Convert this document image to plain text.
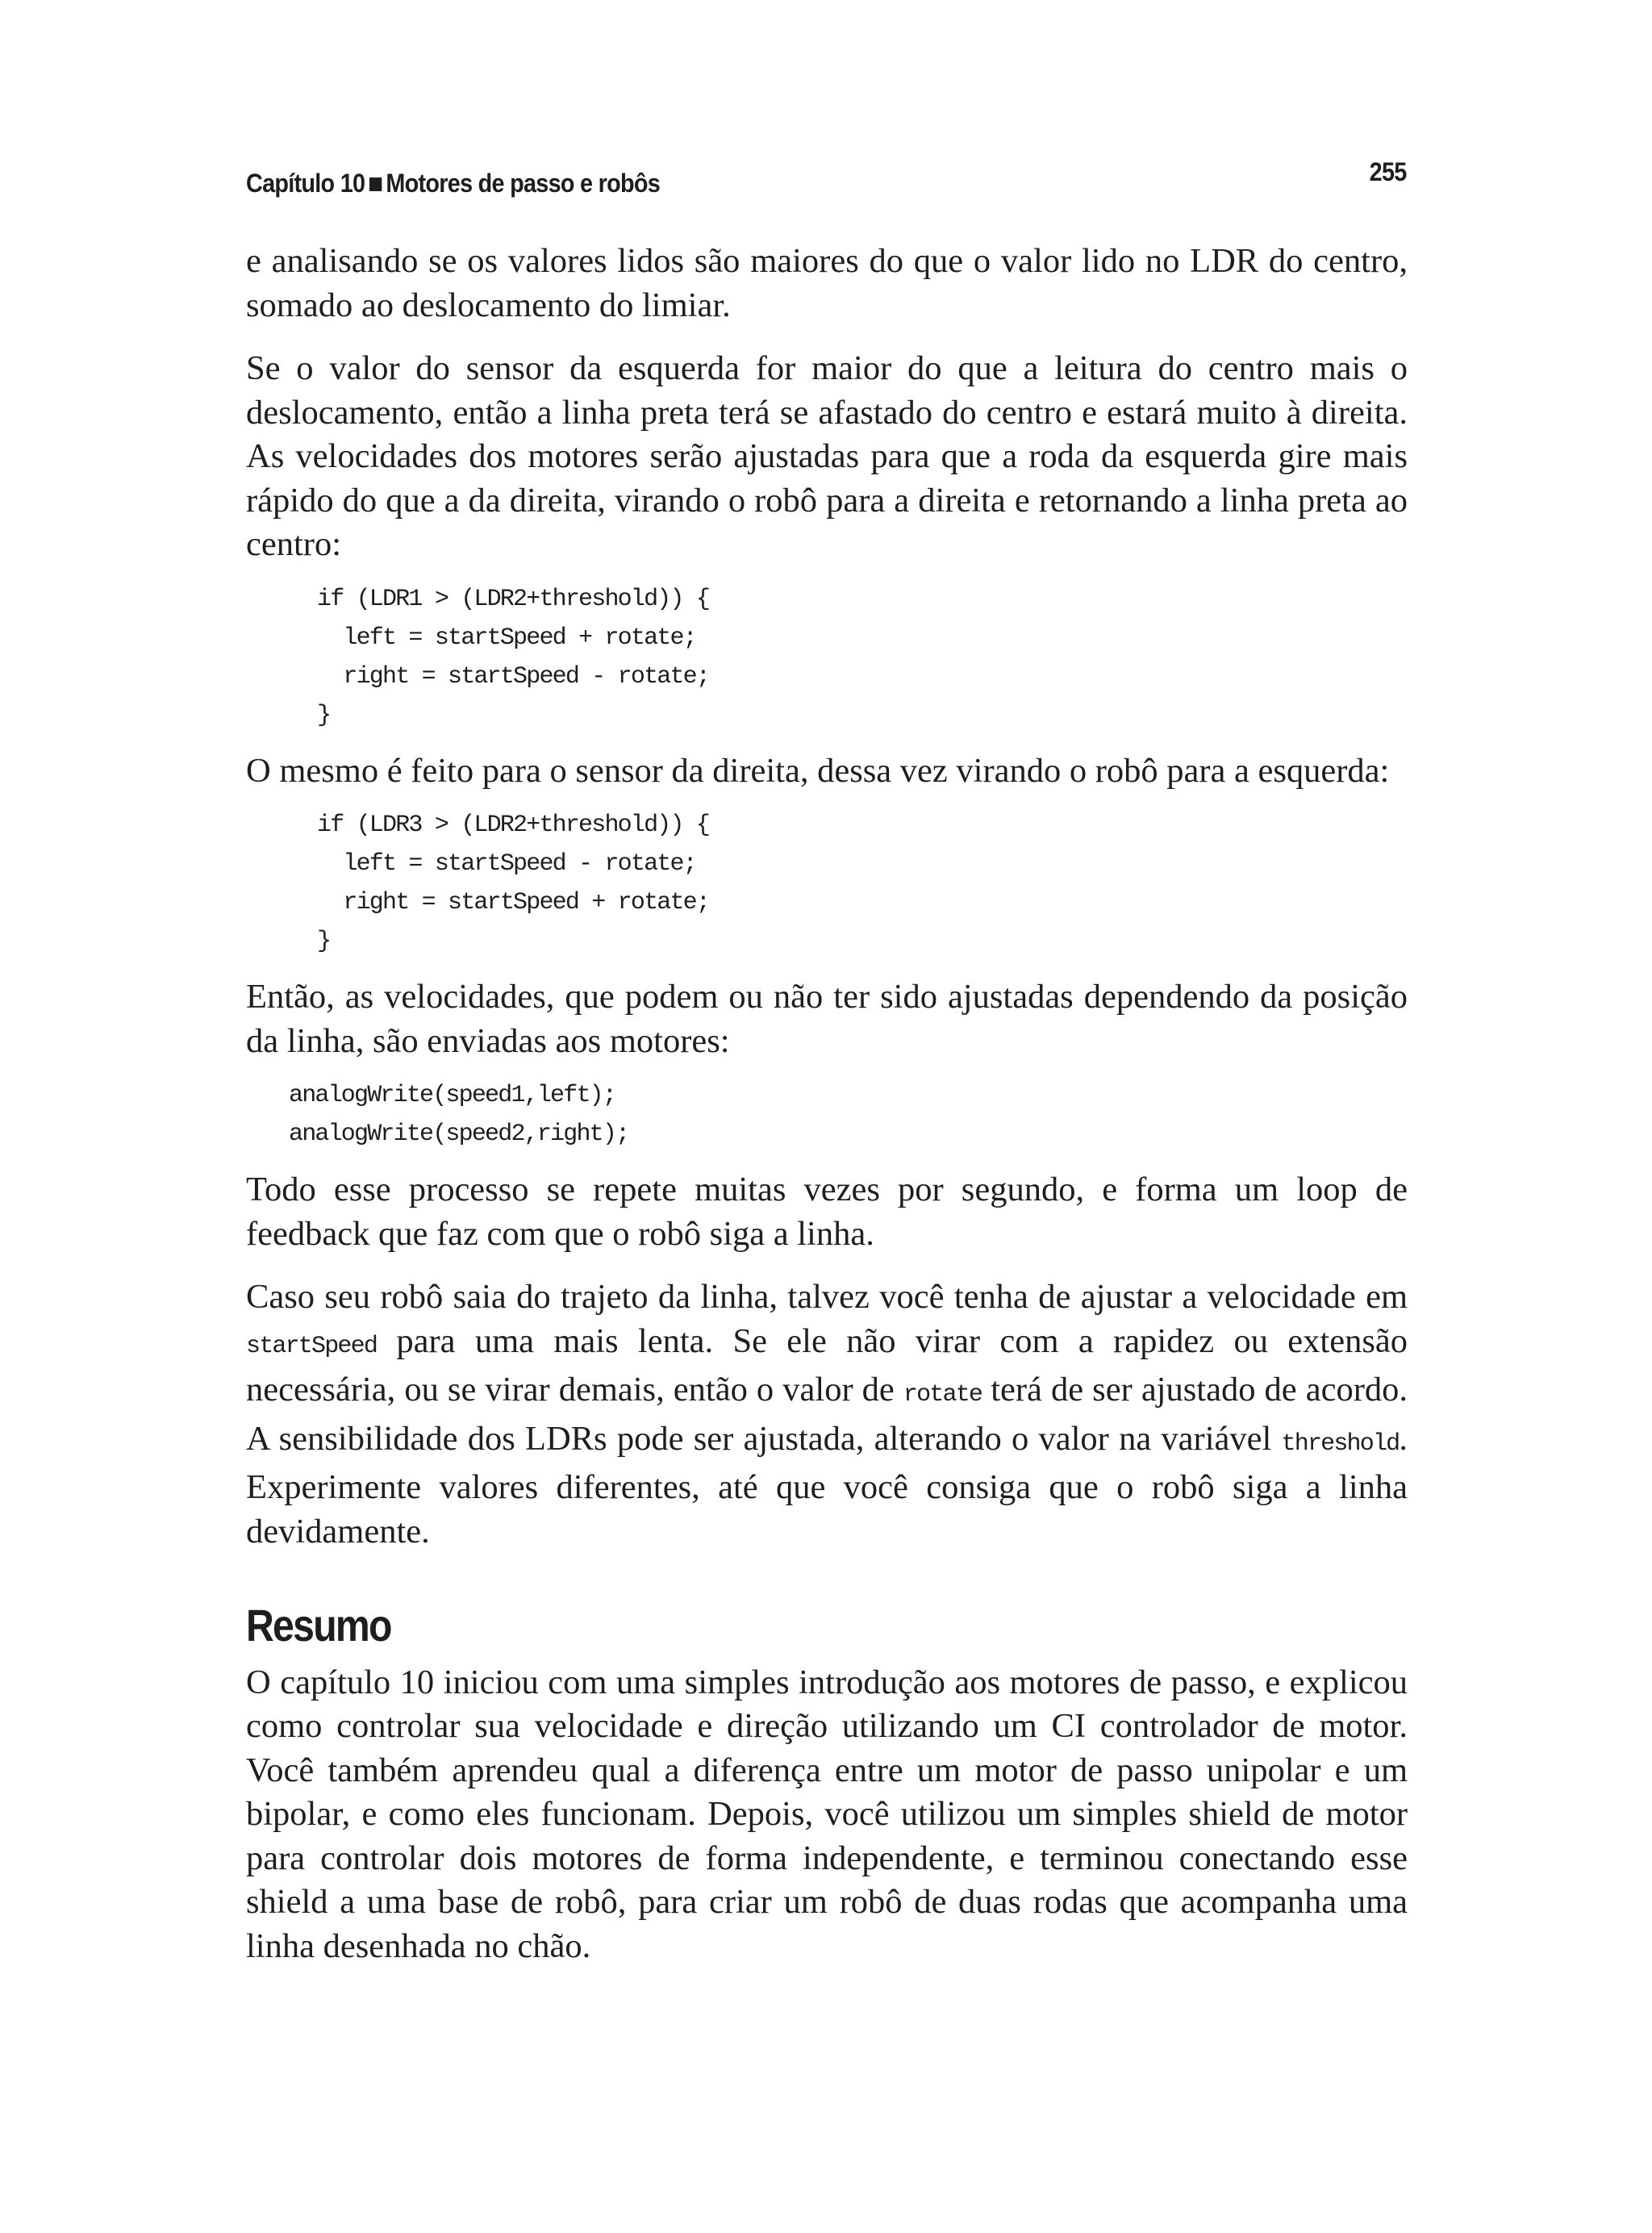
Capítulo 10 Motores de passo e robôs	255

e analisando se os valores lidos são maiores do que o valor lido no LDR do centro, somado ao deslocamento do limiar.

Se o valor do sensor da esquerda for maior do que a leitura do centro mais o deslocamento, então a linha preta terá se afastado do centro e estará muito à direita. As velocidades dos motores serão ajustadas para que a roda da esquerda gire mais rápido do que a da direita, virando o robô para a direita e retornando a linha preta ao centro:

if (LDR1 > (LDR2+threshold)) {
left = startSpeed + rotate;
right = startSpeed - rotate;
}

O mesmo é feito para o sensor da direita, dessa vez virando o robô para a esquerda:

if (LDR3 > (LDR2+threshold)) {
left = startSpeed - rotate;
right = startSpeed + rotate;
}

Então, as velocidades, que podem ou não ter sido ajustadas dependendo da posição da linha, são enviadas aos motores:

analogWrite(speed1,left);
analogWrite(speed2,right);

Todo esse processo se repete muitas vezes por segundo, e forma um loop de feedback que faz com que o robô siga a linha.

Caso seu robô saia do trajeto da linha, talvez você tenha de ajustar a velocidade em startSpeed para uma mais lenta. Se ele não virar com a rapidez ou extensão necessária, ou se virar demais, então o valor de rotate terá de ser ajustado de acordo. A sensibilidade dos LDRs pode ser ajustada, alterando o valor na variável threshold. Experimente valores diferentes, até que você consiga que o robô siga a linha devidamente.

Resumo

O capítulo 10 iniciou com uma simples introdução aos motores de passo, e explicou como controlar sua velocidade e direção utilizando um CI controlador de motor. Você também aprendeu qual a diferença entre um motor de passo unipolar e um bipolar, e como eles funcionam. Depois, você utilizou um simples shield de motor para controlar dois motores de forma independente, e terminou conectando esse shield a uma base de robô, para criar um robô de duas rodas que acompanha uma linha desenhada no chão.
